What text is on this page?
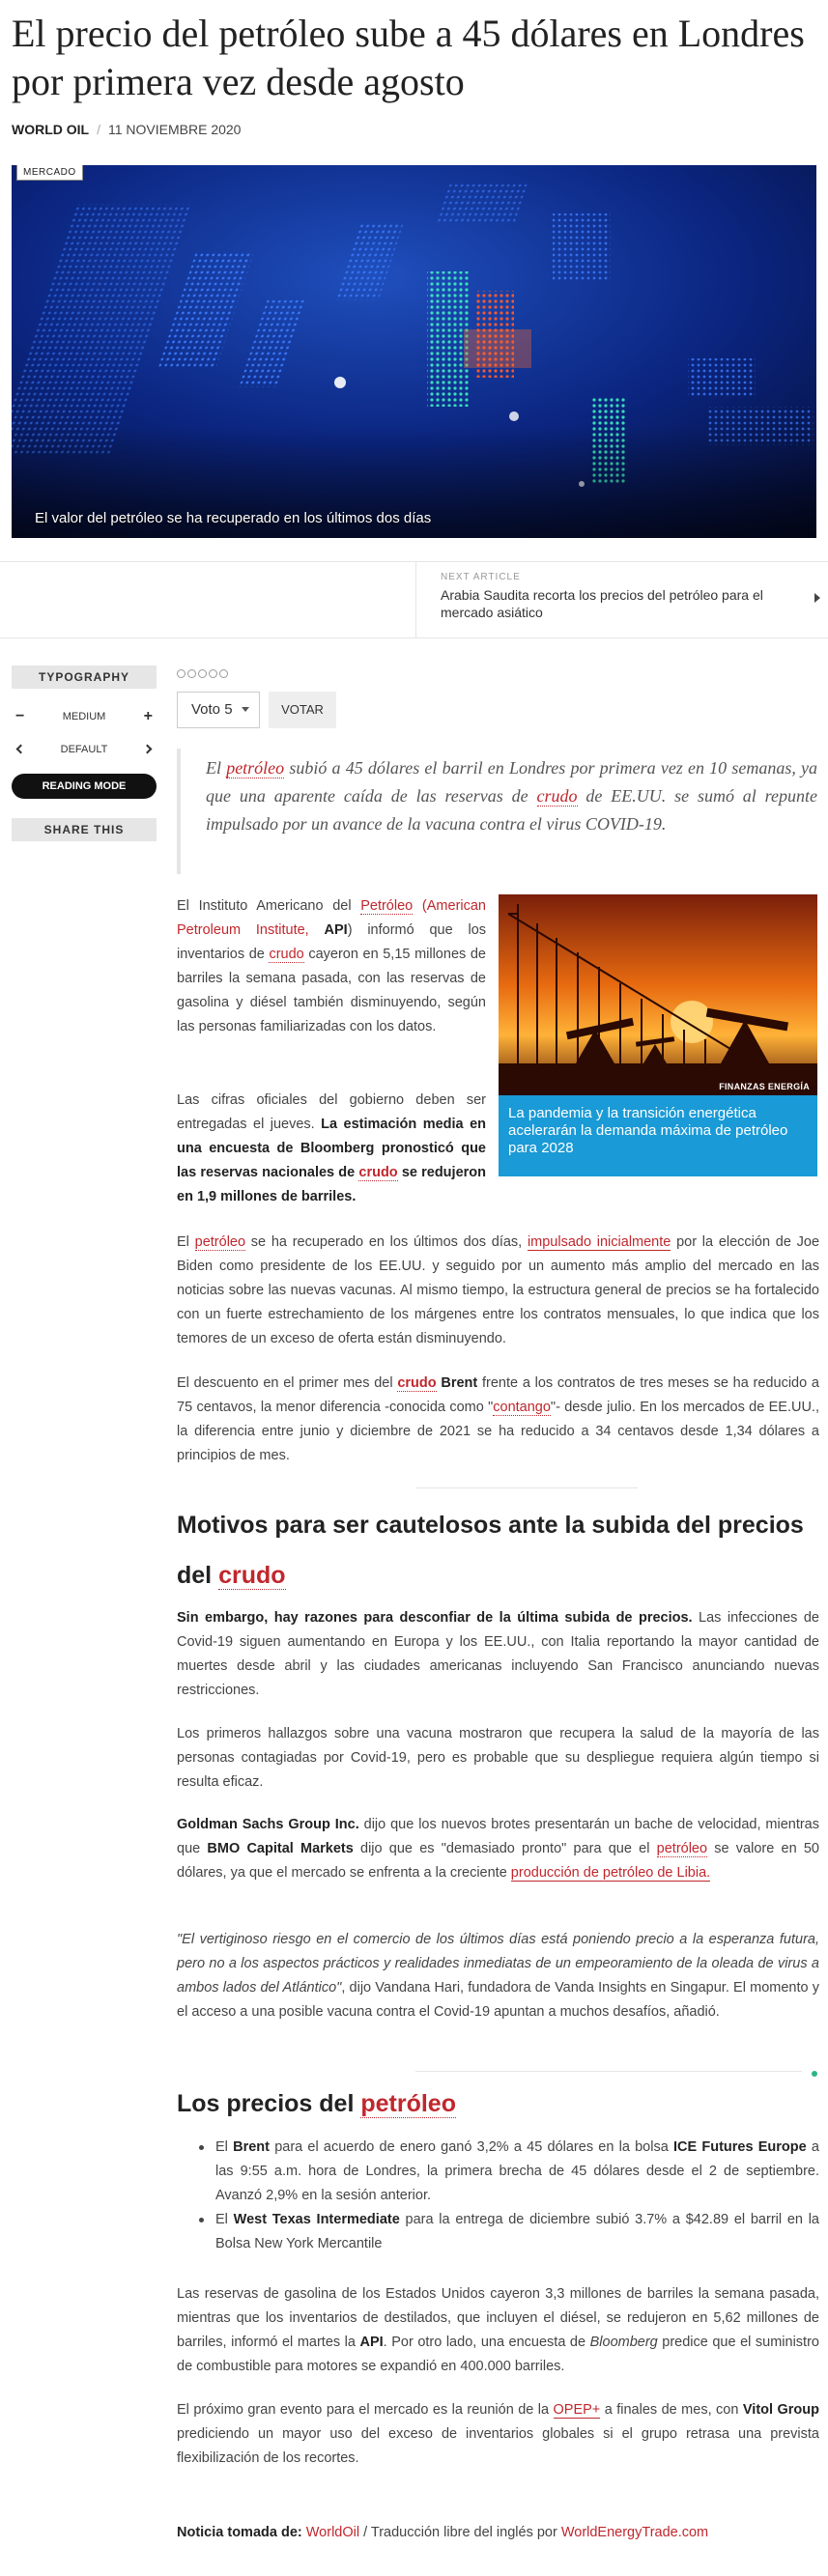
El precio del petróleo sube a 45 dólares en Londres por primera vez desde agosto
WORLD OIL / 11 NOVIEMBRE 2020
MERCADO
El valor del petróleo se ha recuperado en los últimos dos días
NEXT ARTICLE
Arabia Saudita recorta los precios del petróleo para el mercado asiático
TYPOGRAPHY
MEDIUM
−	+
DEFAULT
READING MODE
SHARE THIS
Voto 5	VOTAR
El petróleo subió a 45 dólares el barril en Londres por primera vez en 10 semanas, ya que una aparente caída de las reservas de crudo de EE.UU. se sumó al repunte impulsado por un avance de la vacuna contra el virus COVID-19.
FINANZAS ENERGÍA
La pandemia y la transición energética acelerarán la demanda máxima de petróleo para 2028

El Instituto Americano del Petróleo (American Petroleum Institute, API) informó que los inventarios de crudo cayeron en 5,15 millones de barriles la semana pasada, con las reservas de gasolina y diésel también disminuyendo, según las personas familiarizadas con los datos.

Las cifras oficiales del gobierno deben ser entregadas el jueves. La estimación media en una encuesta de Bloomberg pronosticó que las reservas nacionales de crudo se redujeron en 1,9 millones de barriles.

El petróleo se ha recuperado en los últimos dos días, impulsado inicialmente por la elección de Joe Biden como presidente de los EE.UU. y seguido por un aumento más amplio del mercado en las noticias sobre las nuevas vacunas. Al mismo tiempo, la estructura general de precios se ha fortalecido con un fuerte estrechamiento de los márgenes entre los contratos mensuales, lo que indica que los temores de un exceso de oferta están disminuyendo.

El descuento en el primer mes del crudo Brent frente a los contratos de tres meses se ha reducido a 75 centavos, la menor diferencia -conocida como "contango"- desde julio. En los mercados de EE.UU., la diferencia entre junio y diciembre de 2021 se ha reducido a 34 centavos desde 1,34 dólares a principios de mes.

Motivos para ser cautelosos ante la subida del precios del crudo

Sin embargo, hay razones para desconfiar de la última subida de precios. Las infecciones de Covid-19 siguen aumentando en Europa y los EE.UU., con Italia reportando la mayor cantidad de muertes desde abril y las ciudades americanas incluyendo San Francisco anunciando nuevas restricciones.

Los primeros hallazgos sobre una vacuna mostraron que recupera la salud de la mayoría de las personas contagiadas por Covid-19, pero es probable que su despliegue requiera algún tiempo si resulta eficaz.

Goldman Sachs Group Inc. dijo que los nuevos brotes presentarán un bache de velocidad, mientras que BMO Capital Markets dijo que es "demasiado pronto" para que el petróleo se valore en 50 dólares, ya que el mercado se enfrenta a la creciente producción de petróleo de Libia.

"El vertiginoso riesgo en el comercio de los últimos días está poniendo precio a la esperanza futura, pero no a los aspectos prácticos y realidades inmediatas de un empeoramiento de la oleada de virus a ambos lados del Atlántico", dijo Vandana Hari, fundadora de Vanda Insights en Singapur. El momento y el acceso a una posible vacuna contra el Covid-19 apuntan a muchos desafíos, añadió.

Los precios del petróleo
El Brent para el acuerdo de enero ganó 3,2% a 45 dólares en la bolsa ICE Futures Europe a las 9:55 a.m. hora de Londres, la primera brecha de 45 dólares desde el 2 de septiembre. Avanzó 2,9% en la sesión anterior.
El West Texas Intermediate para la entrega de diciembre subió 3.7% a $42.89 el barril en la Bolsa New York Mercantile

Las reservas de gasolina de los Estados Unidos cayeron 3,3 millones de barriles la semana pasada, mientras que los inventarios de destilados, que incluyen el diésel, se redujeron en 5,62 millones de barriles, informó el martes la API. Por otro lado, una encuesta de Bloomberg predice que el suministro de combustible para motores se expandió en 400.000 barriles.

El próximo gran evento para el mercado es la reunión de la OPEP+ a finales de mes, con Vitol Group prediciendo un mayor uso del exceso de inventarios globales si el grupo retrasa una prevista flexibilización de los recortes.

Noticia tomada de: WorldOil / Traducción libre del inglés por WorldEnergyTrade.com
